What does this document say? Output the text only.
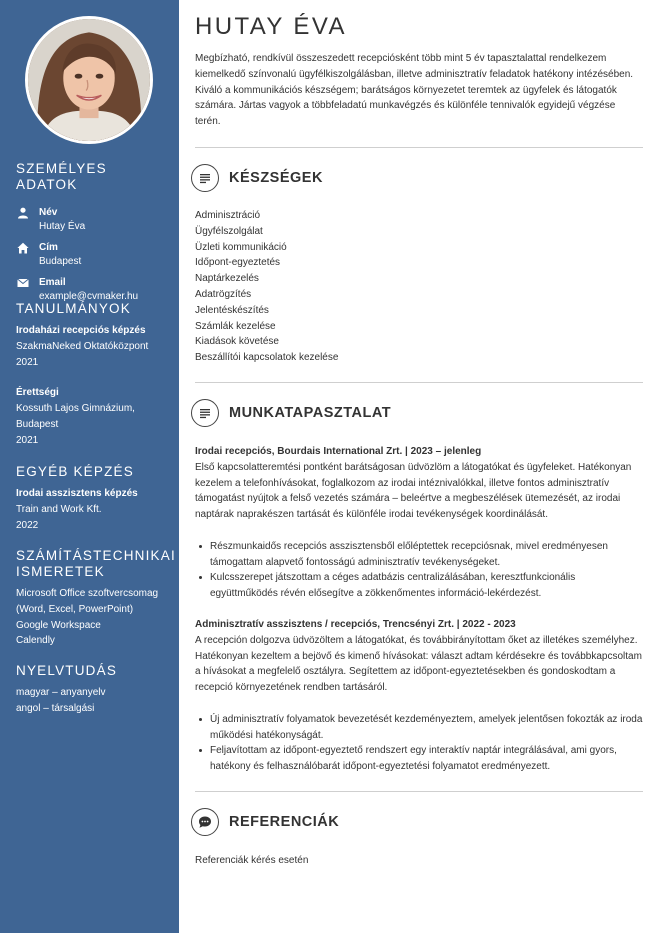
SZEMÉLYES ADATOK
Név
Hutay Éva
Cím
Budapest
Email
example@cvmaker.hu
TANULMÁNYOK
Irodaházi recepciós képzés
SzakmaNeked Oktatóközpont
2021
Érettségi
Kossuth Lajos Gimnázium,
Budapest
2021
EGYÉB KÉPZÉS
Irodai asszisztens képzés
Train and Work Kft.
2022
SZÁMÍTÁSTECHNIKAI
ISMERETEK
Microsoft Office szoftvercsomag
(Word, Excel, PowerPoint)
Google Workspace
Calendly
NYELVTUDÁS
magyar – anyanyelv
angol – társalgási
HUTAY ÉVA

Megbízható, rendkívül összeszedett recepciósként több mint 5 év tapasztalattal rendelkezem kiemelkedő színvonalú ügyfélkiszolgálásban, illetve adminisztratív feladatok hatékony intézésében. Kiváló a kommunikációs készségem; barátságos környezetet teremtek az ügyfelek és látogatók számára. Jártas vagyok a többfeladatú munkavégzés és különféle tennivalók egyidejű végzése terén.

KÉSZSÉGEK
Adminisztráció
Ügyfélszolgálat
Üzleti kommunikáció
Időpont-egyeztetés
Naptárkezelés
Adatrögzítés
Jelentéskészítés
Számlák kezelése
Kiadások követése
Beszállítói kapcsolatok kezelése
MUNKATAPASZTALAT
Irodai recepciós, Bourdais International Zrt. | 2023 – jelenleg

Első kapcsolatteremtési pontként barátságosan üdvözlöm a látogatókat és ügyfeleket. Hatékonyan kezelem a telefonhívásokat, foglalkozom az irodai intéznivalókkal, illetve fontos adminisztratív támogatást nyújtok a felső vezetés számára – beleértve a megbeszélések ütemezését, az irodai naptárak naprakészen tartását és különféle irodai tevékenységek koordinálását.

Részmunkaidős recepciós asszisztensből előléptettek recepciósnak, mivel eredményesen támogattam alapvető fontosságú adminisztratív tevékenységeket.
Kulcsszerepet játszottam a céges adatbázis centralizálásában, keresztfunkcionális együttműködés révén elősegítve a zökkenőmentes információ-lekérdezést.
Adminisztratív asszisztens / recepciós, Trencsényi Zrt. | 2022 - 2023

A recepción dolgozva üdvözöltem a látogatókat, és továbbirányítottam őket az illetékes személyhez. Hatékonyan kezeltem a bejövő és kimenő hívásokat: választ adtam kérdésekre és továbbkapcsoltam a hívásokat a megfelelő osztályra. Segítettem az időpont-egyeztetésekben és gondoskodtam a recepció környezetének rendben tartásáról.

Új adminisztratív folyamatok bevezetését kezdeményeztem, amelyek jelentősen fokozták az iroda működési hatékonyságát.
Feljavítottam az időpont-egyeztető rendszert egy interaktív naptár integrálásával, ami gyors, hatékony és felhasználóbarát időpont-egyeztetési folyamatot eredményezett.
REFERENCIÁK

Referenciák kérés esetén
